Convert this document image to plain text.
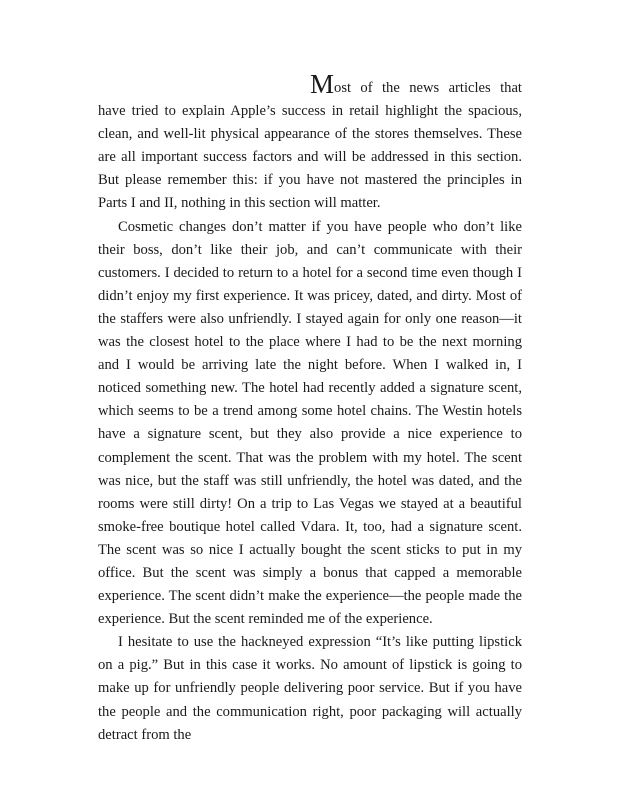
Most of the news articles that have tried to explain Apple’s success in retail highlight the spacious, clean, and well-lit physical appearance of the stores themselves. These are all important success factors and will be addressed in this section. But please remember this: if you have not mastered the principles in Parts I and II, nothing in this section will matter.

Cosmetic changes don’t matter if you have people who don’t like their boss, don’t like their job, and can’t communicate with their customers. I decided to return to a hotel for a second time even though I didn’t enjoy my first experience. It was pricey, dated, and dirty. Most of the staffers were also unfriendly. I stayed again for only one reason—it was the closest hotel to the place where I had to be the next morning and I would be arriving late the night before. When I walked in, I noticed something new. The hotel had recently added a signature scent, which seems to be a trend among some hotel chains. The Westin hotels have a signature scent, but they also provide a nice experience to complement the scent. That was the problem with my hotel. The scent was nice, but the staff was still unfriendly, the hotel was dated, and the rooms were still dirty! On a trip to Las Vegas we stayed at a beautiful smoke-free boutique hotel called Vdara. It, too, had a signature scent. The scent was so nice I actually bought the scent sticks to put in my office. But the scent was simply a bonus that capped a memorable experience. The scent didn’t make the experience—the people made the experience. But the scent reminded me of the experience.

I hesitate to use the hackneyed expression “It’s like putting lipstick on a pig.” But in this case it works. No amount of lipstick is going to make up for unfriendly people delivering poor service. But if you have the people and the communication right, poor packaging will actually detract from the
